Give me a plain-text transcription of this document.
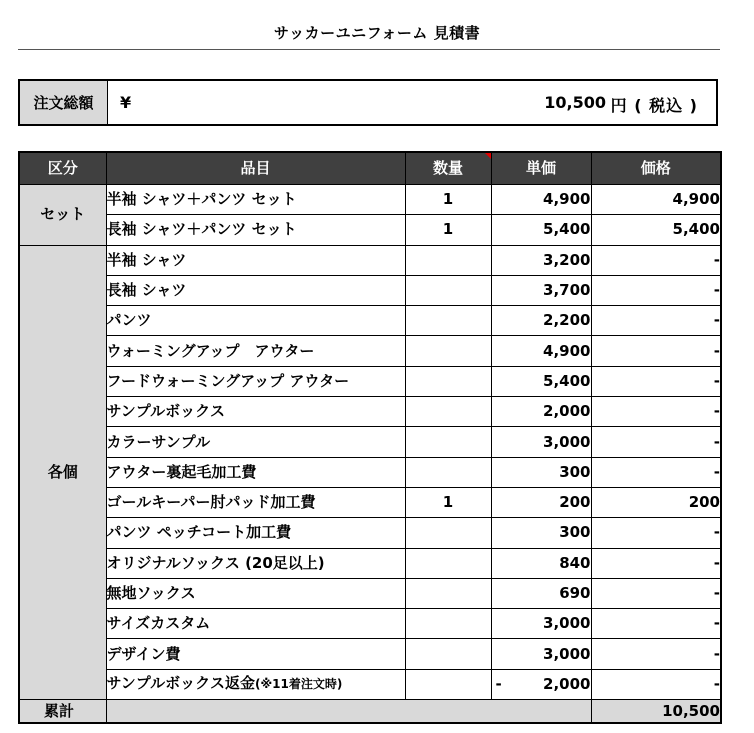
サッカーユニフォーム 見積書
注文総額	¥	10,500 円 ( 税込 )
区分	品目	数量	単価	価格
セット	半袖 シャツ＋パンツ セット	1	4,900	4,900
	長袖 シャツ＋パンツ セット	1	5,400	5,400
各個	半袖 シャツ		3,200	-
	長袖 シャツ		3,700	-
	パンツ		2,200	-
	ウォーミングアップ　アウター		4,900	-
	フードウォーミングアップ アウター		5,400	-
	サンプルボックス		2,000	-
	カラーサンプル		3,000	-
	アウター裏起毛加工費		300	-
	ゴールキーパー肘パッド加工費	1	200	200
	パンツ ペッチコート加工費		300	-
	オリジナルソックス (20足以上)		840	-
	無地ソックス		690	-
	サイズカスタム		3,000	-
	デザイン費		3,000	-
	サンプルボックス返金(※11着注文時)		- 2,000	-
累計				10,500
